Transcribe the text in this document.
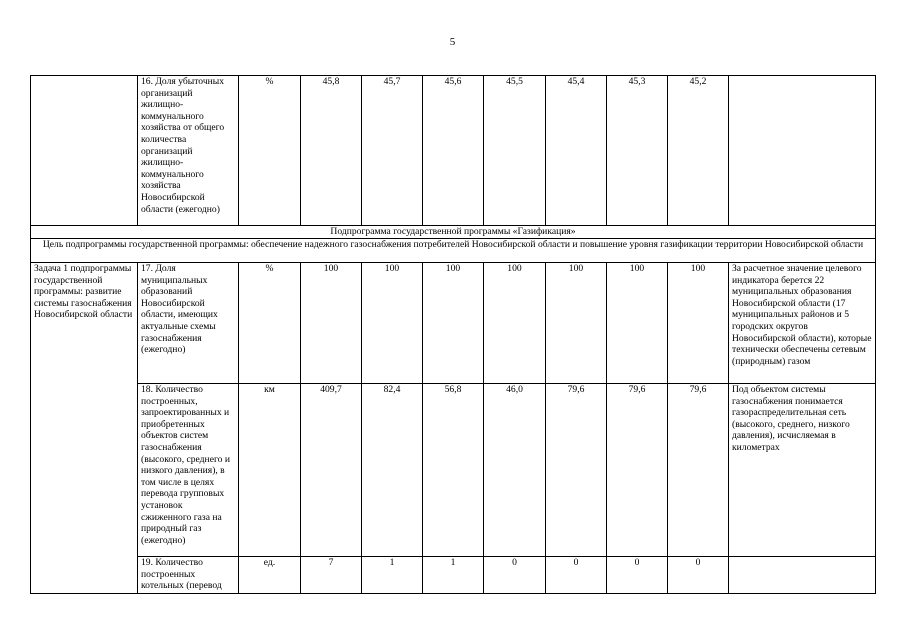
5
	16. Доля убыточных организаций жилищно-коммунального хозяйства от общего количества организаций жилищно-коммунального хозяйства Новосибирской области (ежегодно)	%	45,8	45,7	45,6	45,5	45,4	45,3	45,2	
Подпрограмма государственной программы «Газификация»										
Цель подпрограммы государственной программы: обеспечение надежного газоснабжения потребителей Новосибирской области и повышение уровня газификации территории Новосибирской области										
Задача 1 подпрограммы государственной программы: развитие системы газоснабжения Новосибирской области	17. Доля муниципальных образований Новосибирской области, имеющих актуальные схемы газоснабжения (ежегодно)	%	100	100	100	100	100	100	100	За расчетное значение целевого индикатора берется 22 муниципальных образования Новосибирской области (17 муниципальных районов и 5 городских округов Новосибирской области), которые технически обеспечены сетевым (природным) газом
	18. Количество построенных, запроектированных и приобретенных объектов систем газоснабжения (высокого, среднего и низкого давления), в том числе в целях перевода групповых установок сжиженного газа на природный газ (ежегодно)	км	409,7	82,4	56,8	46,0	79,6	79,6	79,6	Под объектом системы газоснабжения понимается газораспределительная сеть (высокого, среднего, низкого давления), исчисляемая в километрах

	19. Количество построенных котельных (перевод	ед.	7	1	1	0	0	0	0	
